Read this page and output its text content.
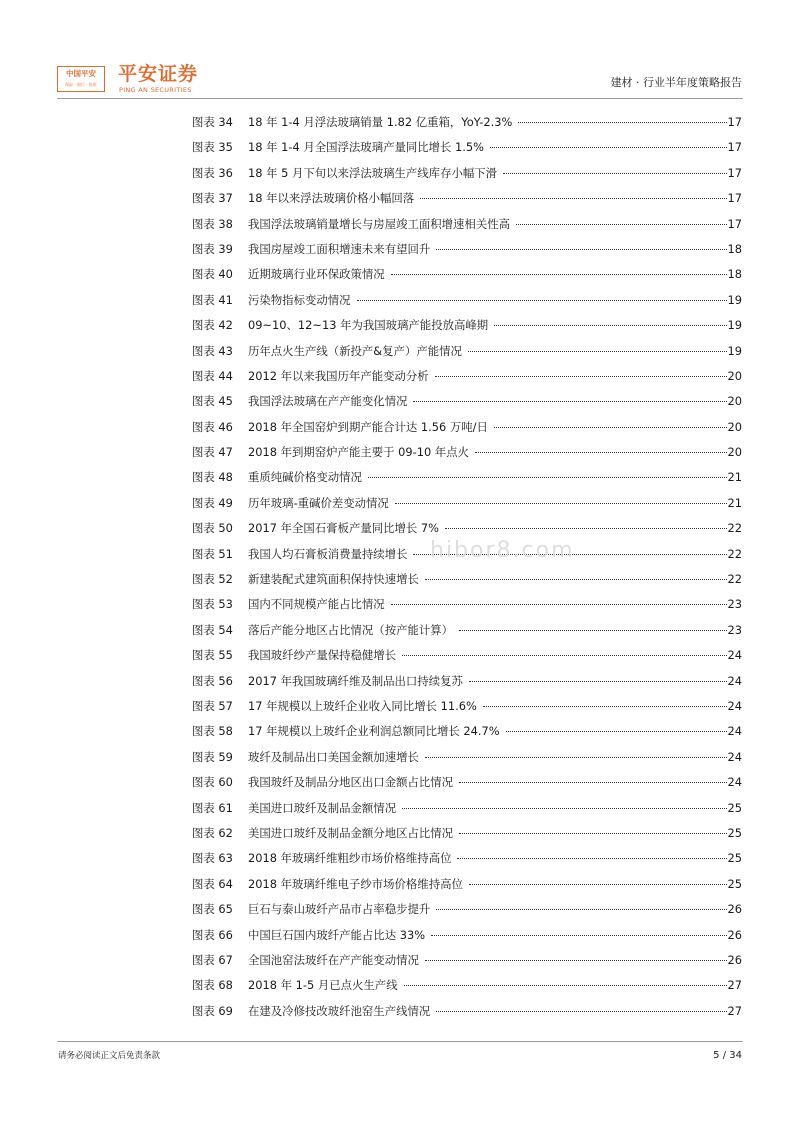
中国平安
保险 · 银行 · 投资	平安证券
PING AN SECURITIES
建材 · 行业半年度策略报告
图表 34	18 年 1-4 月浮法玻璃销量 1.82 亿重箱，YoY-2.3%	17
图表 35	18 年 1-4 月全国浮法玻璃产量同比增长 1.5%	17
图表 36	18 年 5 月下旬以来浮法玻璃生产线库存小幅下滑	17
图表 37	18 年以来浮法玻璃价格小幅回落	17
图表 38	我国浮法玻璃销量增长与房屋竣工面积增速相关性高	17
图表 39	我国房屋竣工面积增速未来有望回升	18
图表 40	近期玻璃行业环保政策情况	18
图表 41	污染物指标变动情况	19
图表 42	09~10、12~13 年为我国玻璃产能投放高峰期	19
图表 43	历年点火生产线（新投产&复产）产能情况	19
图表 44	2012 年以来我国历年产能变动分析	20
图表 45	我国浮法玻璃在产产能变化情况	20
图表 46	2018 年全国窑炉到期产能合计达 1.56 万吨/日	20
图表 47	2018 年到期窑炉产能主要于 09-10 年点火	20
图表 48	重质纯碱价格变动情况	21
图表 49	历年玻璃-重碱价差变动情况	21
图表 50	2017 年全国石膏板产量同比增长 7%	22
图表 51	我国人均石膏板消费量持续增长	22
图表 52	新建装配式建筑面积保持快速增长	22
图表 53	国内不同规模产能占比情况	23
图表 54	落后产能分地区占比情况（按产能计算）	23
图表 55	我国玻纤纱产量保持稳健增长	24
图表 56	2017 年我国玻璃纤维及制品出口持续复苏	24
图表 57	17 年规模以上玻纤企业收入同比增长 11.6%	24
图表 58	17 年规模以上玻纤企业利润总额同比增长 24.7%	24
图表 59	玻纤及制品出口美国金额加速增长	24
图表 60	我国玻纤及制品分地区出口金额占比情况	24
图表 61	美国进口玻纤及制品金额情况	25
图表 62	美国进口玻纤及制品金额分地区占比情况	25
图表 63	2018 年玻璃纤维粗纱市场价格维持高位	25
图表 64	2018 年玻璃纤维电子纱市场价格维持高位	25
图表 65	巨石与泰山玻纤产品市占率稳步提升	26
图表 66	中国巨石国内玻纤产能占比达 33%	26
图表 67	全国池窑法玻纤在产产能变动情况	26
图表 68	2018 年 1-5 月已点火生产线	27
图表 69	在建及冷修技改玻纤池窑生产线情况	27
hibor8.com
请务必阅读正文后免责条款	5 / 34
